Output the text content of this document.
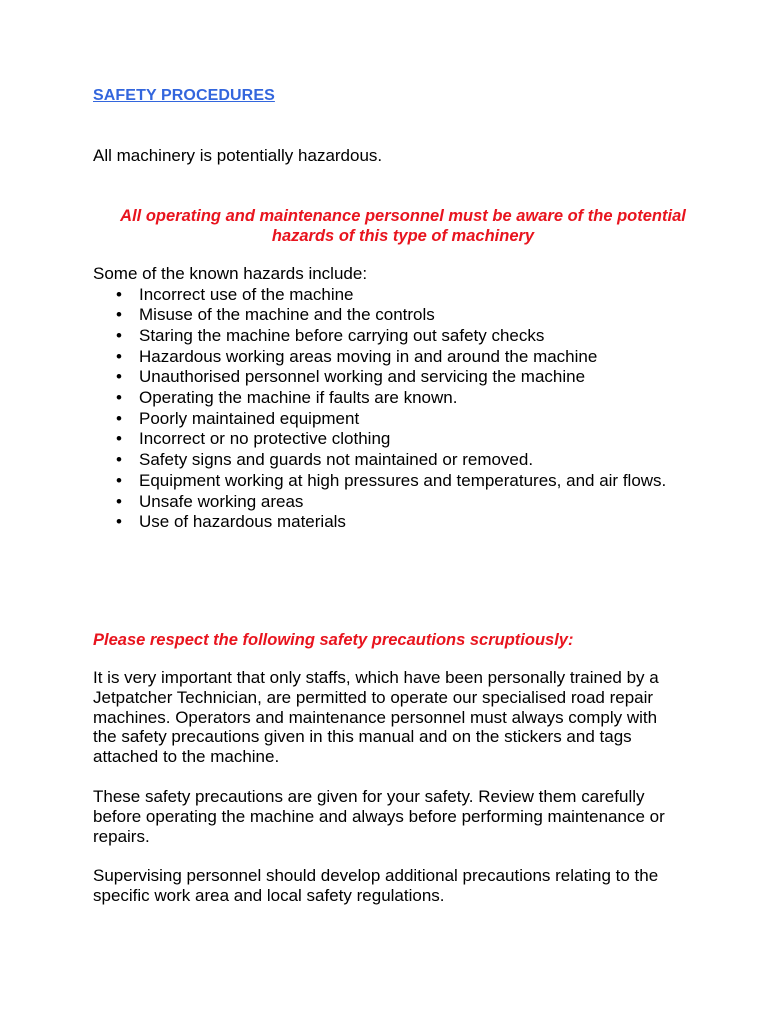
SAFETY PROCEDURES
All machinery is potentially hazardous.
All operating and maintenance personnel must be aware of the potential hazards of this type of machinery
Some of the known hazards include:
• Incorrect use of the machine
• Misuse of the machine and the controls
• Staring the machine before carrying out safety checks
• Hazardous working areas moving in and around the machine
• Unauthorised personnel working and servicing the machine
• Operating the machine if faults are known.
• Poorly maintained equipment
• Incorrect or no protective clothing
• Safety signs and guards not maintained or removed.
• Equipment working at high pressures and temperatures, and air flows.
• Unsafe working areas
• Use of hazardous materials
Please respect the following safety precautions scruptiously:

It is very important that only staffs, which have been personally trained by a Jetpatcher Technician, are permitted to operate our specialised road repair machines. Operators and maintenance personnel must always comply with the safety precautions given in this manual and on the stickers and tags attached to the machine.

These safety precautions are given for your safety. Review them carefully before operating the machine and always before performing maintenance or repairs.

Supervising personnel should develop additional precautions relating to the specific work area and local safety regulations.
